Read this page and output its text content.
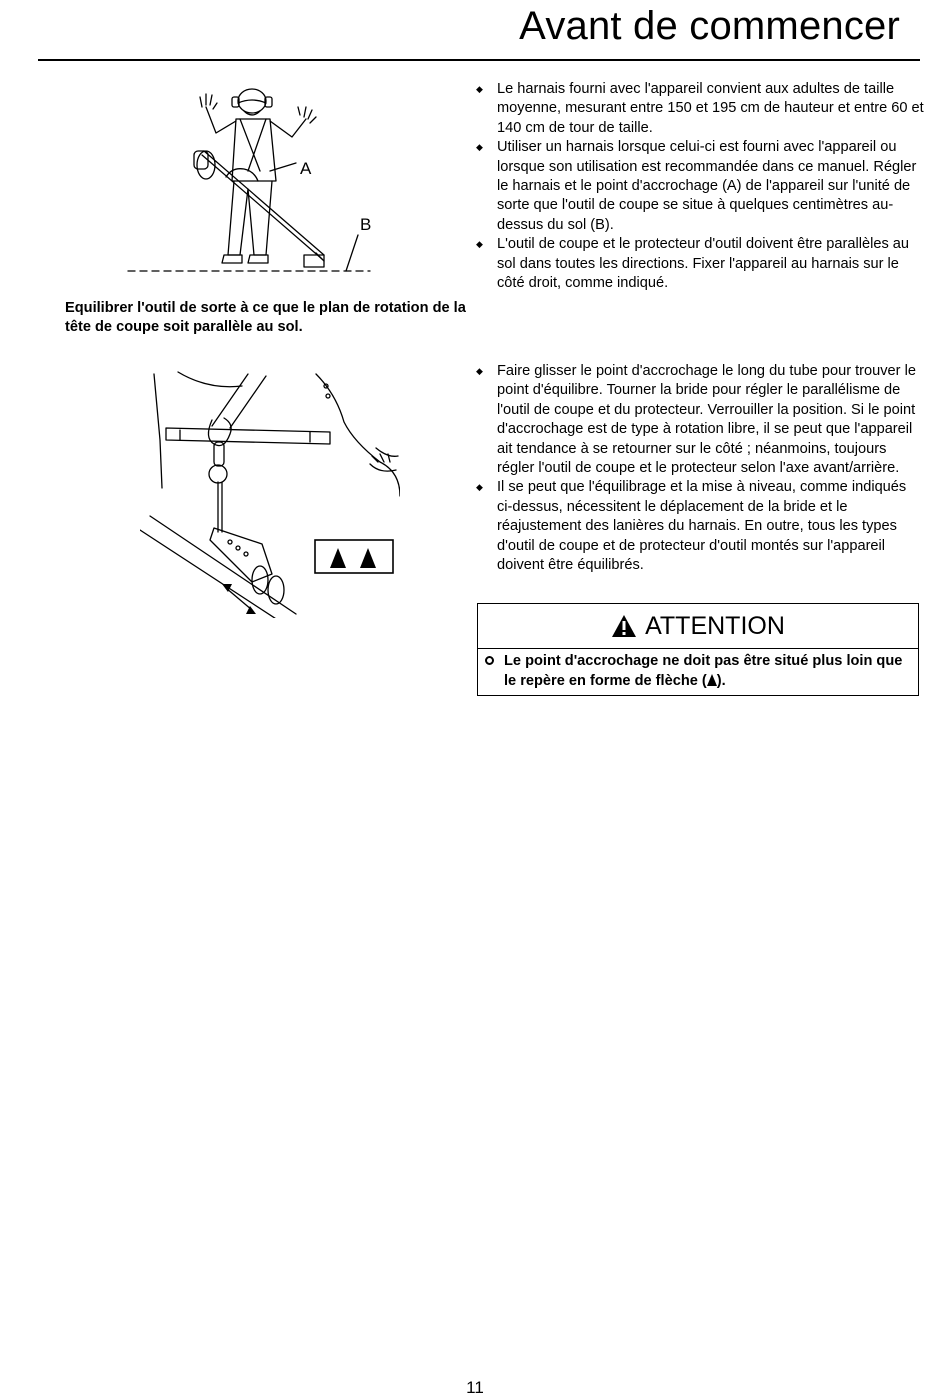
Avant de commencer
A
B
Equilibrer l'outil de sorte à ce que le plan de rotation de la tête de coupe soit parallèle au sol.
◆ Le harnais fourni avec l'appareil convient aux adultes de taille moyenne, mesurant entre 150 et 195 cm de hauteur et entre 60 et 140 cm de tour de taille.
◆ Utiliser un harnais lorsque celui-ci est fourni avec l'appareil ou lorsque son utilisation est recommandée dans ce manuel. Régler le harnais et le point d'accrochage (A) de l'appareil sur l'unité de sorte que l'outil de coupe se situe à quelques centimètres au-dessus du sol (B).
◆ L'outil de coupe et le protecteur d'outil doivent être parallèles au sol dans toutes les directions. Fixer l'appareil au harnais sur le côté droit, comme indiqué.
◆ Faire glisser le point d'accrochage le long du tube pour trouver le point d'équilibre. Tourner la bride pour régler le parallélisme de l'outil de coupe et du protecteur. Verrouiller la position. Si le point d'accrochage est de type à rotation libre, il se peut que l'appareil ait tendance à se retourner sur le côté ; néanmoins, toujours régler l'outil de coupe et le protecteur selon l'axe avant/arrière.
◆ Il se peut que l'équilibrage et la mise à niveau, comme indiqués ci-dessus, nécessitent le déplacement de la bride et le réajustement des lanières du harnais. En outre, tous les types d'outil de coupe et de protecteur d'outil montés sur l'appareil doivent être équilibrés.
ATTENTION
Le point d'accrochage ne doit pas être situé plus loin que le repère en forme de flèche ( ).
11
